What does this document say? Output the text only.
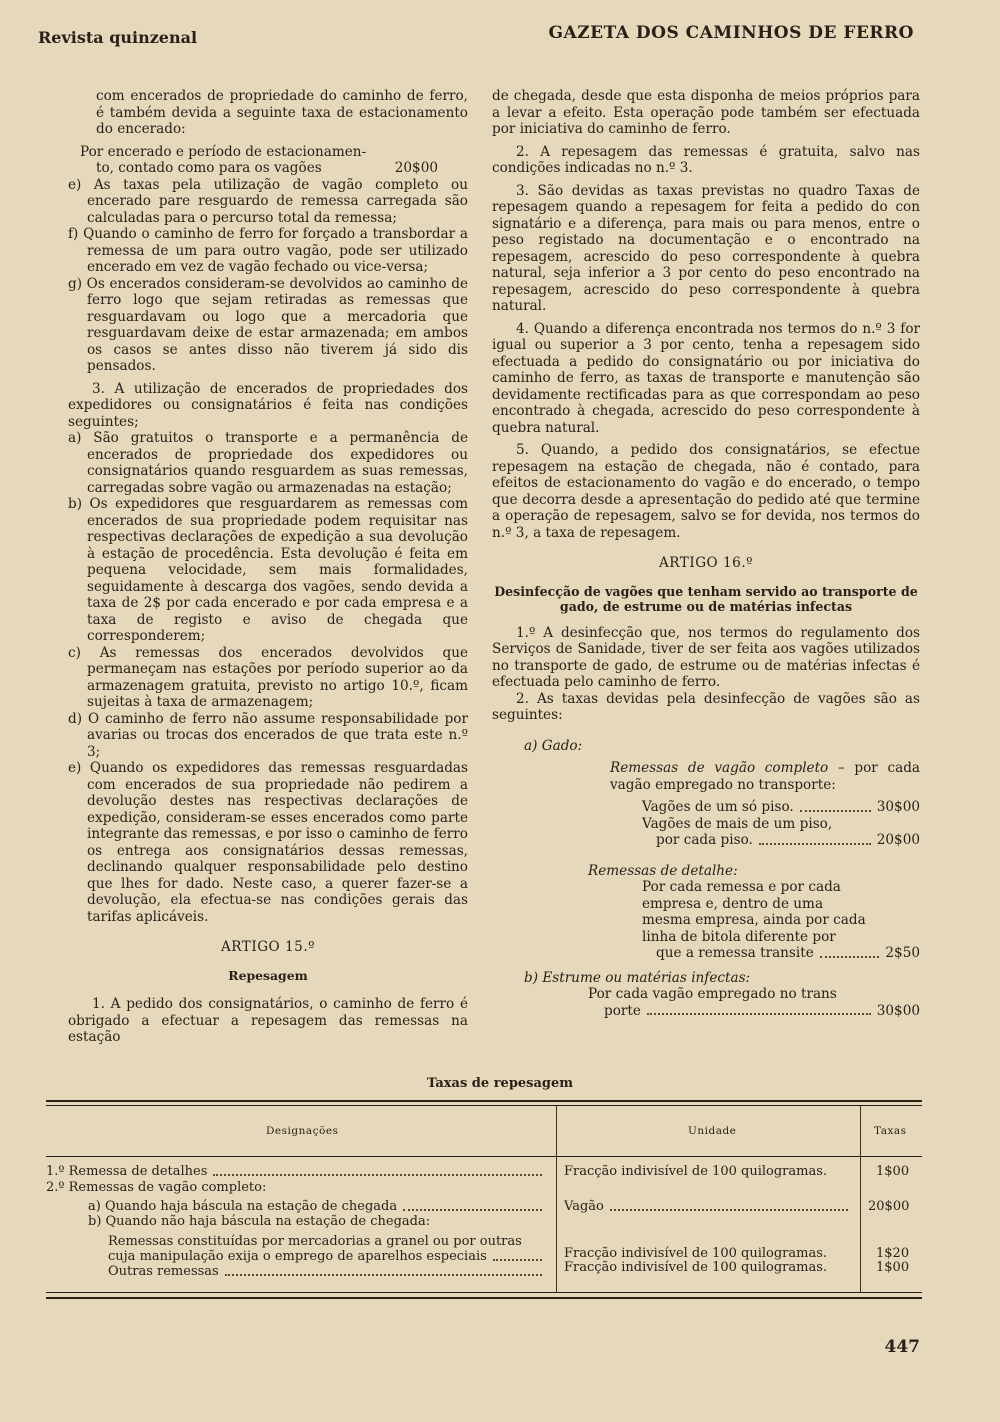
Revista quinzenal	GAZETA DOS CAMINHOS DE FERRO

com encerados de propriedade do caminho de ferro, é também devida a seguinte taxa de estacionamento do encerado:

Por encerado e período de estacionamen-

to, contado como para os vagões	20$00

e) As taxas pela utilização de vagão completo ou encerado pare resguardo de remessa carregada são calculadas para o percurso total da remessa;

f) Quando o caminho de ferro for forçado a transbordar a remessa de um para outro vagão, pode ser utilizado encerado em vez de vagão fechado ou vice-versa;

g) Os encerados consideram-se devolvidos ao caminho de ferro logo que sejam retiradas as remessas que resguardavam ou logo que a mercadoria que resguardavam deixe de estar armazenada; em ambos os casos se antes disso não tiverem já sido dis pensados.

3. A utilização de encerados de propriedades dos expedidores ou consignatários é feita nas condições seguintes;

a) São gratuitos o transporte e a permanência de encerados de propriedade dos expedidores ou consignatários quando resguardem as suas remessas, carregadas sobre vagão ou armazenadas na estação;

b) Os expedidores que resguardarem as remessas com encerados de sua propriedade podem requisitar nas respectivas declarações de expedição a sua devolução à estação de procedência. Esta devolução é feita em pequena velocidade, sem mais formalidades, seguidamente à descarga dos vagões, sendo devida a taxa de 2$ por cada encerado e por cada empresa e a taxa de registo e aviso de chegada que corresponderem;

c) As remessas dos encerados devolvidos que permaneçam nas estações por período superior ao da armazenagem gratuita, previsto no artigo 10.º, ficam sujeitas à taxa de armazenagem;

d) O caminho de ferro não assume responsabilidade por avarias ou trocas dos encerados de que trata este n.º 3;

e) Quando os expedidores das remessas resguardadas com encerados de sua propriedade não pedirem a devolução destes nas respectivas declarações de expedição, consideram-se esses encerados como parte integrante das remessas, e por isso o caminho de ferro os entrega aos consignatários dessas remessas, declinando qualquer responsabilidade pelo destino que lhes for dado. Neste caso, a querer fazer-se a devolução, ela efectua-se nas condições gerais das tarifas aplicáveis.

ARTIGO 15.º
Repesagem

1. A pedido dos consignatários, o caminho de ferro é obrigado a efectuar a repesagem das remessas na estação

de chegada, desde que esta disponha de meios próprios para a levar a efeito. Esta operação pode também ser efectuada por iniciativa do caminho de ferro.

2. A repesagem das remessas é gratuita, salvo nas condições indicadas no n.º 3.

3. São devidas as taxas previstas no quadro Taxas de repesagem quando a repesagem for feita a pedido do con signatário e a diferença, para mais ou para menos, entre o peso registado na documentação e o encontrado na repesagem, acrescido do peso correspondente à quebra natural, seja inferior a 3 por cento do peso encontrado na repesagem, acrescido do peso correspondente à quebra natural.

4. Quando a diferença encontrada nos termos do n.º 3 for igual ou superior a 3 por cento, tenha a repesagem sido efectuada a pedido do consignatário ou por iniciativa do caminho de ferro, as taxas de transporte e manutenção são devidamente rectificadas para as que correspondam ao peso encontrado à chegada, acrescido do peso correspondente à quebra natural.

5. Quando, a pedido dos consignatários, se efectue repesagem na estação de chegada, não é contado, para efeitos de estacionamento do vagão e do encerado, o tempo que decorra desde a apresentação do pedido até que termine a operação de repesagem, salvo se for devida, nos termos do n.º 3, a taxa de repesagem.

ARTIGO 16.º
Desinfecção de vagões que tenham servido ao transporte de gado, de estrume ou de matérias infectas

1.º A desinfecção que, nos termos do regulamento dos Serviços de Sanidade, tiver de ser feita aos vagões utilizados no transporte de gado, de estrume ou de matérias infectas é efectuada pelo caminho de ferro.

2. As taxas devidas pela desinfecção de vagões são as seguintes:

a) Gado:

Remessas de vagão completo – por cada vagão empregado no transporte:

Vagões de um só piso.	30$00

Vagões de mais de um piso,

por cada piso.	20$00

Remessas de detalhe:

Por cada remessa e por cada empresa e, dentro de uma mesma empresa, ainda por cada linha de bitola diferente por

que a remessa transite	2$50

b) Estrume ou matérias infectas:

Por cada vagão empregado no trans

porte	30$00
Taxas de repesagem
Designações	Unidade	Taxas
1.º Remessa de detalhes	Fracção indivisível de 100 quilogramas.	1$00
2.º Remessas de vagão completo:
a) Quando haja báscula na estação de chegada	Vagão	20$00
b) Quando não haja báscula na estação de chegada:
Remessas constituídas por mercadorias a granel ou por outras
cuja manipulação exija o emprego de aparelhos especiais	Fracção indivisível de 100 quilogramas.	1$20
Outras remessas	Fracção indivisível de 100 quilogramas.	1$00
447
